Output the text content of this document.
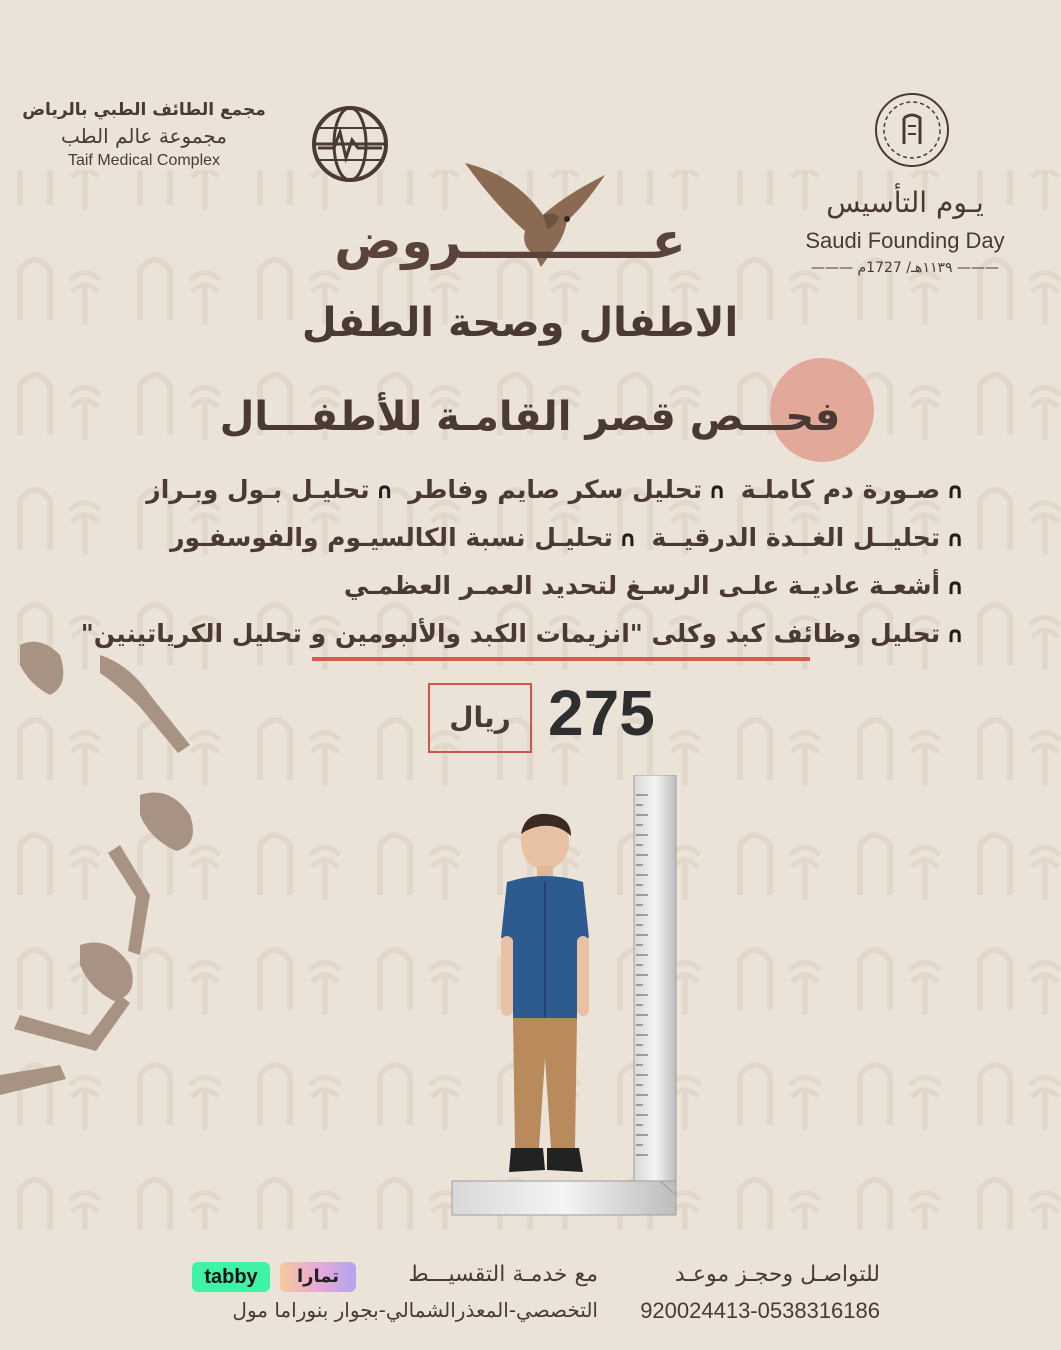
مجمع الطائف الطبي بالرياض
مجموعة عالم الطب
Taif Medical Complex
يـوم التأسيس
Saudi Founding Day
——— ١١٣٩هـ/ 1727م ———
عـــــــــــروض
الاطفال وصحة الطفل
فحـــص قصر القامـة للأطفـــال
∩صـورة دم كاملـة ∩تحليل سكر صايم وفاطر ∩تحليـل بـول وبـراز
∩تحليــل الغــدة الدرقيــة ∩تحليـل نسبة الكالسيـوم والفوسفـور
∩أشعـة عاديـة علـى الرسـغ لتحديد العمـر العظمـي
∩تحليل وظائف كبد وكلى "انزيمات الكبد والألبومين و تحليل الكرياتينين"
ريال 275
للتواصـل وحجـز موعـد
920024413-0538316186
مع خدمـة التقسيـــط
التخصصي-المعذرالشمالي-بجوار بنوراما مول
تمارا
tabby
